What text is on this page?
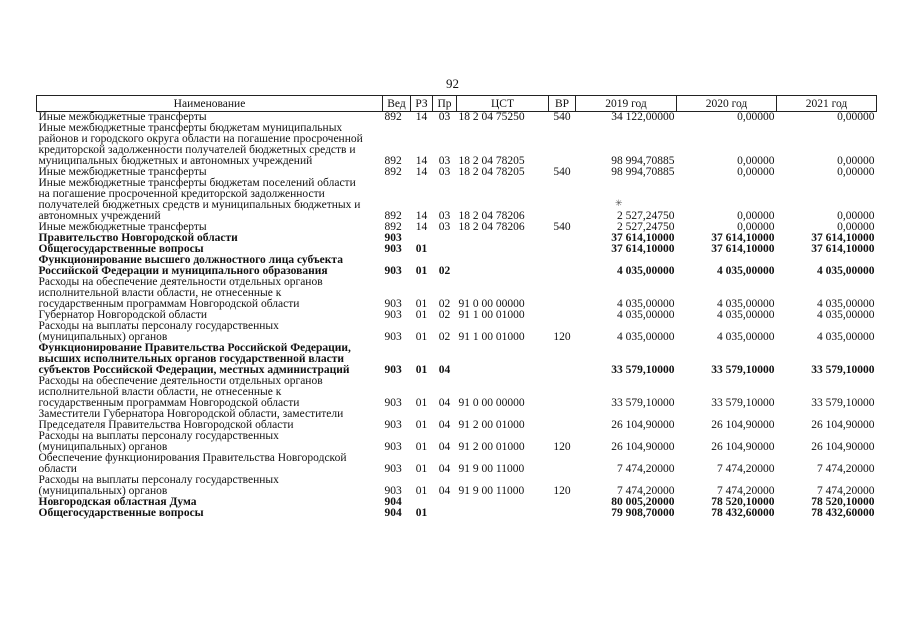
92
Наименование	Вед	РЗ	Пр	ЦСТ	ВР	2019 год	2020 год	2021 год
Иные межбюджетные трансферты	892	14	03	18 2 04 75250	540	34 122,00000	0,00000	0,00000
Иные межбюджетные трансферты бюджетам муниципальных районов и городского округа области на погашение просроченной кредиторской задолженности получателей бюджетных средств и муниципальных бюджетных и автономных учреждений	892	14	03	18 2 04 78205		98 994,70885	0,00000	0,00000
Иные межбюджетные трансферты	892	14	03	18 2 04 78205	540	98 994,70885	0,00000	0,00000
Иные межбюджетные трансферты бюджетам поселений области на погашение просроченной кредиторской задолженности получателей бюджетных средств и муниципальных бюджетных и автономных учреждений	892	14	03	18 2 04 78206		2 527,24750	0,00000	0,00000
Иные межбюджетные трансферты	892	14	03	18 2 04 78206	540	2 527,24750	0,00000	0,00000
Правительство Новгородской области	903					37 614,10000	37 614,10000	37 614,10000
Общегосударственные вопросы	903	01				37 614,10000	37 614,10000	37 614,10000
Функционирование высшего должностного лица субъекта Российской Федерации и муниципального образования	903	01	02			4 035,00000	4 035,00000	4 035,00000
Расходы на обеспечение деятельности отдельных органов исполнительной власти области, не отнесенные к государственным программам Новгородской области	903	01	02	91 0 00 00000		4 035,00000	4 035,00000	4 035,00000
Губернатор Новгородской области	903	01	02	91 1 00 01000		4 035,00000	4 035,00000	4 035,00000
Расходы на выплаты персоналу государственных (муниципальных) органов	903	01	02	91 1 00 01000	120	4 035,00000	4 035,00000	4 035,00000
Функционирование Правительства Российской Федерации, высших исполнительных органов государственной власти субъектов Российской Федерации, местных администраций	903	01	04			33 579,10000	33 579,10000	33 579,10000
Расходы на обеспечение деятельности отдельных органов исполнительной власти области, не отнесенные к государственным программам Новгородской области	903	01	04	91 0 00 00000		33 579,10000	33 579,10000	33 579,10000
Заместители Губернатора Новгородской области, заместители Председателя Правительства Новгородской области	903	01	04	91 2 00 01000		26 104,90000	26 104,90000	26 104,90000
Расходы на выплаты персоналу государственных (муниципальных) органов	903	01	04	91 2 00 01000	120	26 104,90000	26 104,90000	26 104,90000
Обеспечение функционирования Правительства Новгородской области	903	01	04	91 9 00 11000		7 474,20000	7 474,20000	7 474,20000
Расходы на выплаты персоналу государственных (муниципальных) органов	903	01	04	91 9 00 11000	120	7 474,20000	7 474,20000	7 474,20000
Новгородская областная Дума	904					80 005,20000	78 520,10000	78 520,10000
Общегосударственные вопросы	904	01				79 908,70000	78 432,60000	78 432,60000
✳
